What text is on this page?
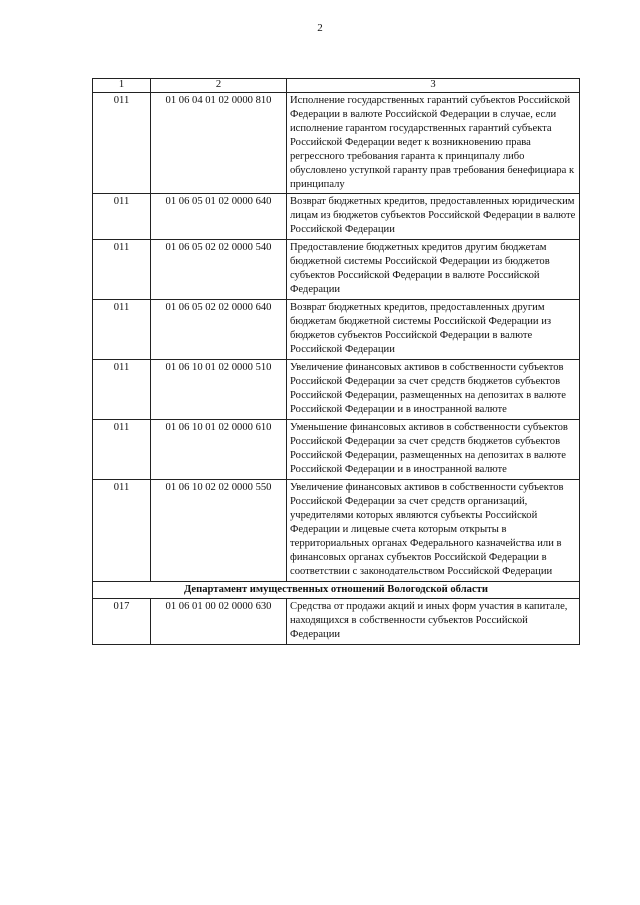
2
1	2	3
011	01 06 04 01 02 0000 810	Исполнение государственных гарантий субъектов Российской Федерации в валюте Российской Федерации в случае, если исполнение гарантом государственных гарантий субъекта Российской Федерации ведет к возникновению права регрессного требования гаранта к принципалу либо обусловлено уступкой гаранту прав требования бенефициара к принципалу
011	01 06 05 01 02 0000 640	Возврат бюджетных кредитов, предоставленных юридическим лицам из бюджетов субъектов Российской Федерации в валюте Российской Федерации
011	01 06 05 02 02 0000 540	Предоставление бюджетных кредитов другим бюджетам бюджетной системы Российской Федерации из бюджетов субъектов Российской Федерации в валюте Российской Федерации
011	01 06 05 02 02 0000 640	Возврат бюджетных кредитов, предоставленных другим бюджетам бюджетной системы Российской Федерации из бюджетов субъектов Российской Федерации в валюте Российской Федерации
011	01 06 10 01 02 0000 510	Увеличение финансовых активов в собственности субъектов Российской Федерации за счет средств бюджетов субъектов Российской Федерации, размещенных на депозитах в валюте Российской Федерации и в иностранной валюте
011	01 06 10 01 02 0000 610	Уменьшение финансовых активов в собственности субъектов Российской Федерации за счет средств бюджетов субъектов Российской Федерации, размещенных на депозитах в валюте Российской Федерации и в иностранной валюте
011	01 06 10 02 02 0000 550	Увеличение финансовых активов в собственности субъектов Российской Федерации за счет средств организаций, учредителями которых являются субъекты Российской Федерации и лицевые счета которым открыты в территориальных органах Федерального казначейства или в финансовых органах субъектов Российской Федерации в соответствии с законодательством Российской Федерации
Департамент имущественных отношений Вологодской области		
017	01 06 01 00 02 0000 630	Средства от продажи акций и иных форм участия в капитале, находящихся в собственности субъектов Российской Федерации
